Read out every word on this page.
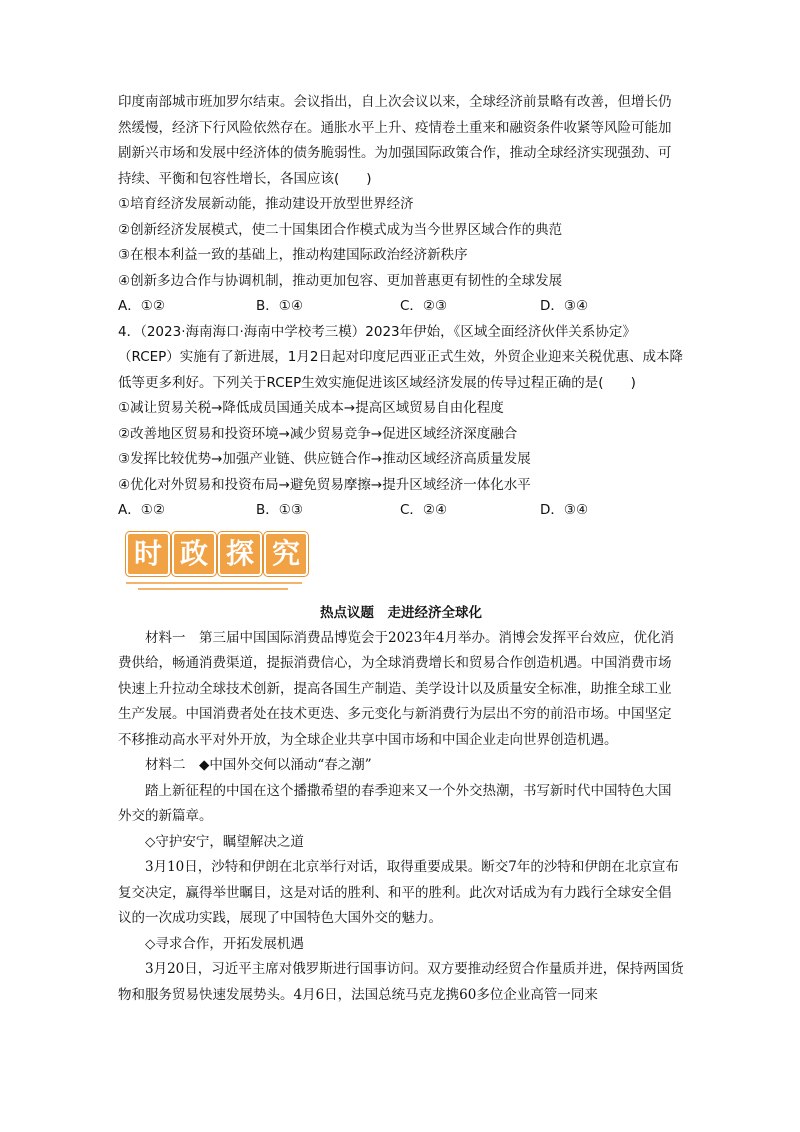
印度南部城市班加罗尔结束。会议指出，自上次会议以来，全球经济前景略有改善，但增长仍然缓慢，经济下行风险依然存在。通胀水平上升、疫情卷土重来和融资条件收紧等风险可能加剧新兴市场和发展中经济体的债务脆弱性。为加强国际政策合作，推动全球经济实现强劲、可持续、平衡和包容性增长，各国应该(　　)

①培育经济发展新动能，推动建设开放型世界经济

②创新经济发展模式，使二十国集团合作模式成为当今世界区域合作的典范

③在根本利益一致的基础上，推动构建国际政治经济新秩序

④创新多边合作与协调机制，推动更加包容、更加普惠更有韧性的全球发展

A．①②	B．①④	C．②③	D．③④

4．（2023·海南海口·海南中学校考三模）2023年伊始，《区域全面经济伙伴关系协定》（RCEP）实施有了新进展，1月2日起对印度尼西亚正式生效，外贸企业迎来关税优惠、成本降低等更多利好。下列关于RCEP生效实施促进该区域经济发展的传导过程正确的是(　　)

①减让贸易关税→降低成员国通关成本→提高区域贸易自由化程度

②改善地区贸易和投资环境→减少贸易竞争→促进区域经济深度融合

③发挥比较优势→加强产业链、供应链合作→推动区域经济高质量发展

④优化对外贸易和投资布局→避免贸易摩擦→提升区域经济一体化水平

A．①②	B．①③	C．②④	D．③④
时 政 探 究
热点议题　走进经济全球化

材料一　第三届中国国际消费品博览会于2023年4月举办。消博会发挥平台效应，优化消费供给，畅通消费渠道，提振消费信心，为全球消费增长和贸易合作创造机遇。中国消费市场快速上升拉动全球技术创新，提高各国生产制造、美学设计以及质量安全标准，助推全球工业生产发展。中国消费者处在技术更迭、多元变化与新消费行为层出不穷的前沿市场。中国坚定不移推动高水平对外开放，为全球企业共享中国市场和中国企业走向世界创造机遇。

材料二　◆中国外交何以涌动“春之潮”

踏上新征程的中国在这个播撒希望的春季迎来又一个外交热潮，书写新时代中国特色大国外交的新篇章。

◇守护安宁，瞩望解决之道

3月10日，沙特和伊朗在北京举行对话，取得重要成果。断交7年的沙特和伊朗在北京宣布复交决定，赢得举世瞩目，这是对话的胜利、和平的胜利。此次对话成为有力践行全球安全倡议的一次成功实践，展现了中国特色大国外交的魅力。

◇寻求合作，开拓发展机遇

3月20日，习近平主席对俄罗斯进行国事访问。双方要推动经贸合作量质并进，保持两国货物和服务贸易快速发展势头。4月6日，法国总统马克龙携60多位企业高管一同来
